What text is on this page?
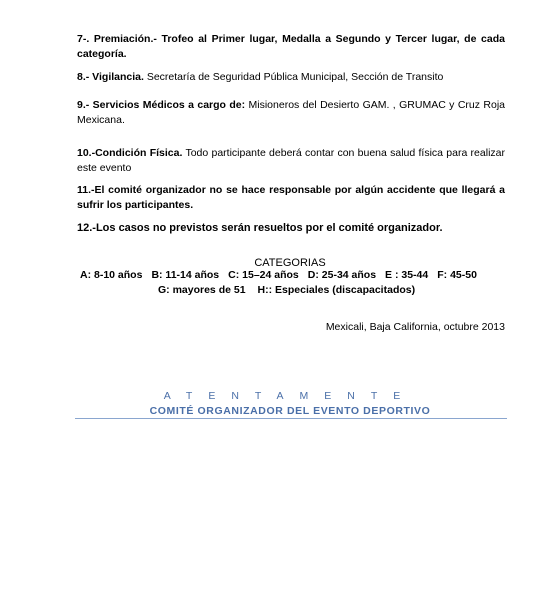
7-. Premiación.- Trofeo al Primer lugar, Medalla a Segundo y Tercer lugar, de cada categoría.

8.- Vigilancia. Secretaría de Seguridad Pública Municipal, Sección de Transito

9.- Servicios Médicos a cargo de: Misioneros del Desierto GAM. , GRUMAC y Cruz Roja Mexicana.

10.-Condición Física. Todo participante deberá contar con buena salud física para realizar este evento

11.-El comité organizador no se hace responsable por algún accidente que llegará a sufrir los participantes.

12.-Los casos no previstos serán resueltos por el comité organizador.

CATEGORIAS
A: 8-10 años B: 11-14 años C: 15–24 años D: 25-34 años E : 35-44 F: 45-50
G: mayores de 51 H:: Especiales (discapacitados)
Mexicali, Baja California, octubre 2013
ATENTAMENTE
COMITÉ ORGANIZADOR DEL EVENTO DEPORTIVO
